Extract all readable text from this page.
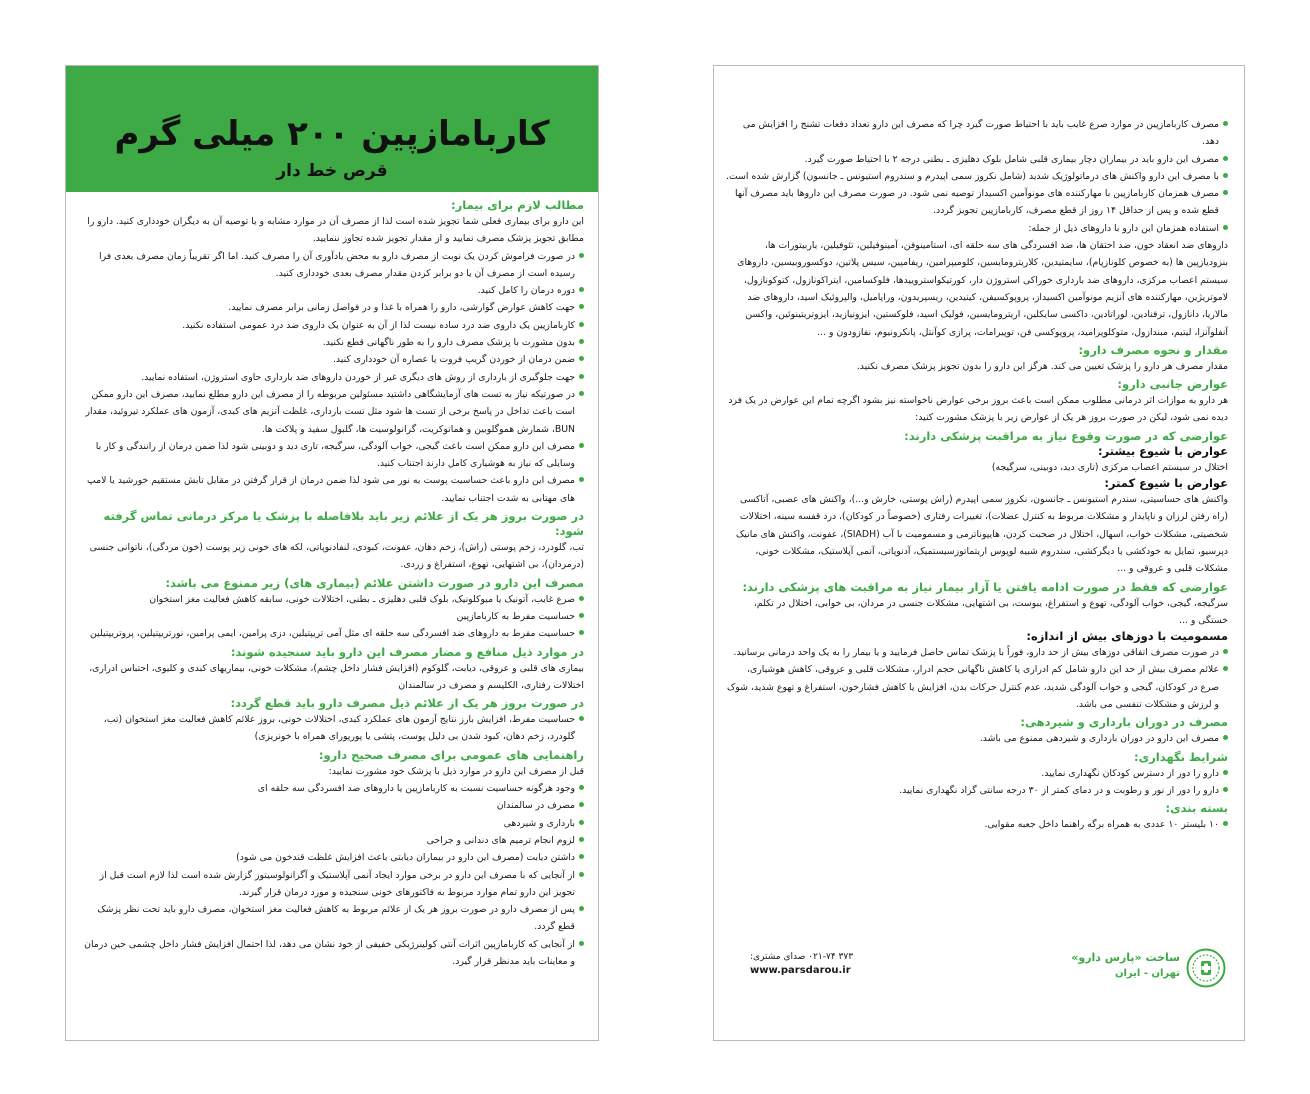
کاربامازپین ۲۰۰ میلی گرم
قرص خط دار
مطالب لازم برای بیمار:
این دارو برای بیماری فعلی شما تجویز شده است لذا از مصرف آن در موارد مشابه و یا توصیه آن به دیگران خودداری کنید. دارو را مطابق تجویز پزشک مصرف نمایید و از مقدار تجویز شده تجاوز ننمایید.
در صورت فراموش کردن یک نوبت از مصرف دارو به محض یادآوری آن را مصرف کنید. اما اگر تقریباً زمان مصرف بعدی فرا رسیده است از مصرف آن یا دو برابر کردن مقدار مصرف بعدی خودداری کنید.
دوره درمان را کامل کنید.
جهت کاهش عوارض گوارشی، دارو را همراه با غذا و در فواصل زمانی برابر مصرف نمایید.
کاربامازپین یک داروی ضد درد ساده نیست لذا از آن به عنوان یک داروی ضد درد عمومی استفاده نکنید.
بدون مشورت با پزشک مصرف دارو را به طور ناگهانی قطع نکنید.
ضمن درمان از خوردن گریپ فروت یا عصاره آن خودداری کنید.
جهت جلوگیری از بارداری از روش های دیگری غیر از خوردن داروهای ضد بارداری حاوی استروژن، استفاده نمایید.
در صورتیکه نیاز به تست های آزمایشگاهی داشتید مسئولین مربوطه را از مصرف این دارو مطلع نمایید، مصرف این دارو ممکن است باعث تداخل در پاسخ برخی از تست ها شود مثل تست بارداری، غلظت آنزیم های کبدی، آزمون های عملکرد تیروئید، مقدار BUN، شمارش هموگلوبین و هماتوکریت، گرانولوسیت ها، گلبول سفید و پلاکت ها.
مصرف این دارو ممکن است باعث گیجی، خواب آلودگی، سرگیجه، تاری دید و دوبینی شود لذا ضمن درمان از رانندگی و کار با وسایلی که نیاز به هوشیاری کامل دارند اجتناب کنید.
مصرف این دارو باعث حساسیت پوست به نور می شود لذا ضمن درمان از قرار گرفتن در مقابل تابش مستقیم خورشید یا لامپ های مهتابی به شدت اجتناب نمایید.
در صورت بروز هر یک از علائم زیر باید بلافاصله با پزشک یا مرکز درمانی تماس گرفته شود:
تب، گلودرد، زخم پوستی (راش)، زخم دهان، عفونت، کبودی، لنفادنوپاتی، لکه های خونی زیر پوست (خون مردگی)، ناتوانی جنسی (درمردان)، بی اشتهایی، تهوع، استفراغ و زردی.
مصرف این دارو در صورت داشتن علائم (بیماری های) زیر ممنوع می باشد:
صرع غایب، آتونیک یا میوکلونیک، بلوک قلبی دهلیزی ـ بطنی، اختلالات خونی، سابقه کاهش فعالیت مغز استخوان
حساسیت مفرط به کاربامازپین
حساسیت مفرط به داروهای ضد افسردگی سه حلقه ای مثل آمی تریپتیلین، دزی پرامین، ایمی پرامین، نورتریپتیلین، پروتریپتیلین
در موارد ذیل منافع و مضار مصرف این دارو باید سنجیده شوند:
بیماری های قلبی و عروقی، دیابت، گلوکوم (افزایش فشار داخل چشم)، مشکلات خونی، بیماریهای کبدی و کلیوی، احتباس ادراری، اختلالات رفتاری، الکلیسم و مصرف در سالمندان
در صورت بروز هر یک از علائم ذیل مصرف دارو باید قطع گردد:
حساسیت مفرط، افزایش بارز نتایج آزمون های عملکرد کبدی، اختلالات خونی، بروز علائم کاهش فعالیت مغز استخوان (تب، گلودرد، زخم دهان، کبود شدن بی دلیل پوست، پتشی یا پورپورای همراه با خونریزی)
راهنمایی های عمومی برای مصرف صحیح دارو:
قبل از مصرف این دارو در موارد ذیل با پزشک خود مشورت نمایید:
وجود هرگونه حساسیت نسبت به کاربامازپین یا داروهای ضد افسردگی سه حلقه ای
مصرف در سالمندان
بارداری و شیردهی
لزوم انجام ترمیم های دندانی و جراحی
داشتن دیابت (مصرف این دارو در بیماران دیابتی باعث افزایش غلظت قندخون می شود)
از آنجایی که با مصرف این دارو در برخی موارد ایجاد آنمی آپلاستیک و آگرانولوسیتوز گزارش شده است لذا لازم است قبل از تجویز این دارو تمام موارد مربوط به فاکتورهای خونی سنجیده و مورد درمان قرار گیرند.
پس از مصرف دارو در صورت بروز هر یک از علائم مربوط به کاهش فعالیت مغز استخوان، مصرف دارو باید تحت نظر پزشک قطع گردد.
از آنجایی که کاربامازپین اثرات آنتی کولینرژیکی خفیفی از خود نشان می دهد، لذا احتمال افزایش فشار داخل چشمی حین درمان و معاینات باید مدنظر قرار گیرد.
مصرف کاربامازپین در موارد صرع غایب باید با احتیاط صورت گیرد چرا که مصرف این دارو تعداد دفعات تشنج را افزایش می دهد.
مصرف این دارو باید در بیماران دچار بیماری قلبی شامل بلوک دهلیزی ـ بطنی درجه ۲ با احتیاط صورت گیرد.
با مصرف این دارو واکنش های درماتولوژیک شدید (شامل نکروز سمی اپیدرم و سندروم استیونس ـ جانسون) گزارش شده است.
مصرف همزمان کاربامازپین با مهارکننده های مونوآمین اکسیداز توصیه نمی شود. در صورت مصرف این داروها باید مصرف آنها قطع شده و پس از حداقل ۱۴ روز از قطع مصرف، کاربامازپین تجویز گردد.
استفاده همزمان این دارو با داروهای ذیل از جمله:
داروهای ضد انعقاد خون، ضد احتقان ها، ضد افسردگی های سه حلقه ای، استامینوفن، آمینوفیلین، تئوفیلین، باربیتورات ها، بنزودیازپین ها (به خصوص کلونازپام)، سایمتیدین، کلاریترومایسین، کلومیپرامین، ریفامپین، سیس پلاتین، دوکسوروبیسین، داروهای سیستم اعصاب مرکزی، داروهای ضد بارداری خوراکی استروژن دار، کورتیکواستروییدها، فلوکسامین، ایتراکونازول، کتوکونازول، لاموتریژین، مهارکننده های آنزیم مونوآمین اکسیداز، پروپوکسیفن، کینیدین، ریسپریدون، وراپامیل، والپروئیک اسید، داروهای ضد مالاریا، دانازول، ترفنادین، لوراتادین، داکسی سایکلین، اریترومایسین، فولیک اسید، فلوکستین، ایزونیازید، ایزوتریتینوئین، واکسن آنفلوآنزا، لیتیم، مبندازول، متوکلوپرامید، پروپوکسی فن، توپیرامات، پرازی کوآنتل، پانکرونیوم، نفازودون و ...
مقدار و نحوه مصرف دارو:
مقدار مصرف هر دارو را پزشک تعیین می کند. هرگز این دارو را بدون تجویز پزشک مصرف نکنید.
عوارض جانبی دارو:
هر دارو به موازات اثر درمانی مطلوب ممکن است باعث بروز برخی عوارض ناخواسته نیز بشود اگرچه تمام این عوارض در یک فرد دیده نمی شود، لیکن در صورت بروز هر یک از عوارض زیر با پزشک مشورت کنید:
عوارضی که در صورت وقوع نیاز به مراقبت پزشکی دارند:
عوارض با شیوع بیشتر:
اختلال در سیستم اعصاب مرکزی (تاری دید، دوبینی، سرگیجه)
عوارض با شیوع کمتر:
واکنش های حساسیتی، سندرم استیونس ـ جانسون، نکروز سمی اپیدرم (راش پوستی، خارش و...)، واکنش های عصبی، آتاکسی (راه رفتن لرزان و ناپایدار و مشکلات مربوط به کنترل عضلات)، تغییرات رفتاری (خصوصاً در کودکان)، درد قفسه سینه، اختلالات شخصیتی، مشکلات خواب، اسهال، اختلال در صحبت کردن، هایپوناترمی و مسمومیت با آب (SIADH)، عفونت، واکنش های مانیک دپرسیو، تمایل به خودکشی یا دیگرکشی، سندروم شبیه لوپوس اریتماتوزسیستمیک، آدنوپاتی، آنمی آپلاستیک، مشکلات خونی، مشکلات قلبی و عروقی و ...
عوارضی که فقط در صورت ادامه یافتن یا آزار بیمار نیاز به مراقبت های پزشکی دارند:
سرگیجه، گیجی، خواب آلودگی، تهوع و استفراغ، یبوست، بی اشتهایی، مشکلات جنسی در مردان، بی خوابی، اختلال در تکلم، خستگی و ...
مسمومیت با دوزهای بیش از اندازه:
در صورت مصرف اتفاقی دوزهای بیش از حد دارو، فوراً با پزشک تماس حاصل فرمایید و یا بیمار را به یک واحد درمانی برسانید.
علائم مصرف بیش از حد این دارو شامل کم ادراری یا کاهش ناگهانی حجم ادرار، مشکلات قلبی و عروقی، کاهش هوشیاری، صرع در کودکان، گیجی و خواب آلودگی شدید، عدم کنترل حرکات بدن، افزایش یا کاهش فشارخون، استفراغ و تهوع شدید، شوک و لرزش و مشکلات تنفسی می باشد.
مصرف در دوران بارداری و شیردهی:
مصرف این دارو در دوران بارداری و شیردهی ممنوع می باشد.
شرایط نگهداری:
دارو را دور از دسترس کودکان نگهداری نمایید.
دارو را دور از نور و رطوبت و در دمای کمتر از ۳۰ درجه سانتی گراد نگهداری نمایید.
بسته بندی:
۱۰ بلیستر ۱۰ عددی به همراه برگه راهنما داخل جعبه مقوایی.
ساخت «پارس دارو»
تهران - ایران
صدای مشتری: ۰۲۱-۷۴ ۳۷۳
www.parsdarou.ir
